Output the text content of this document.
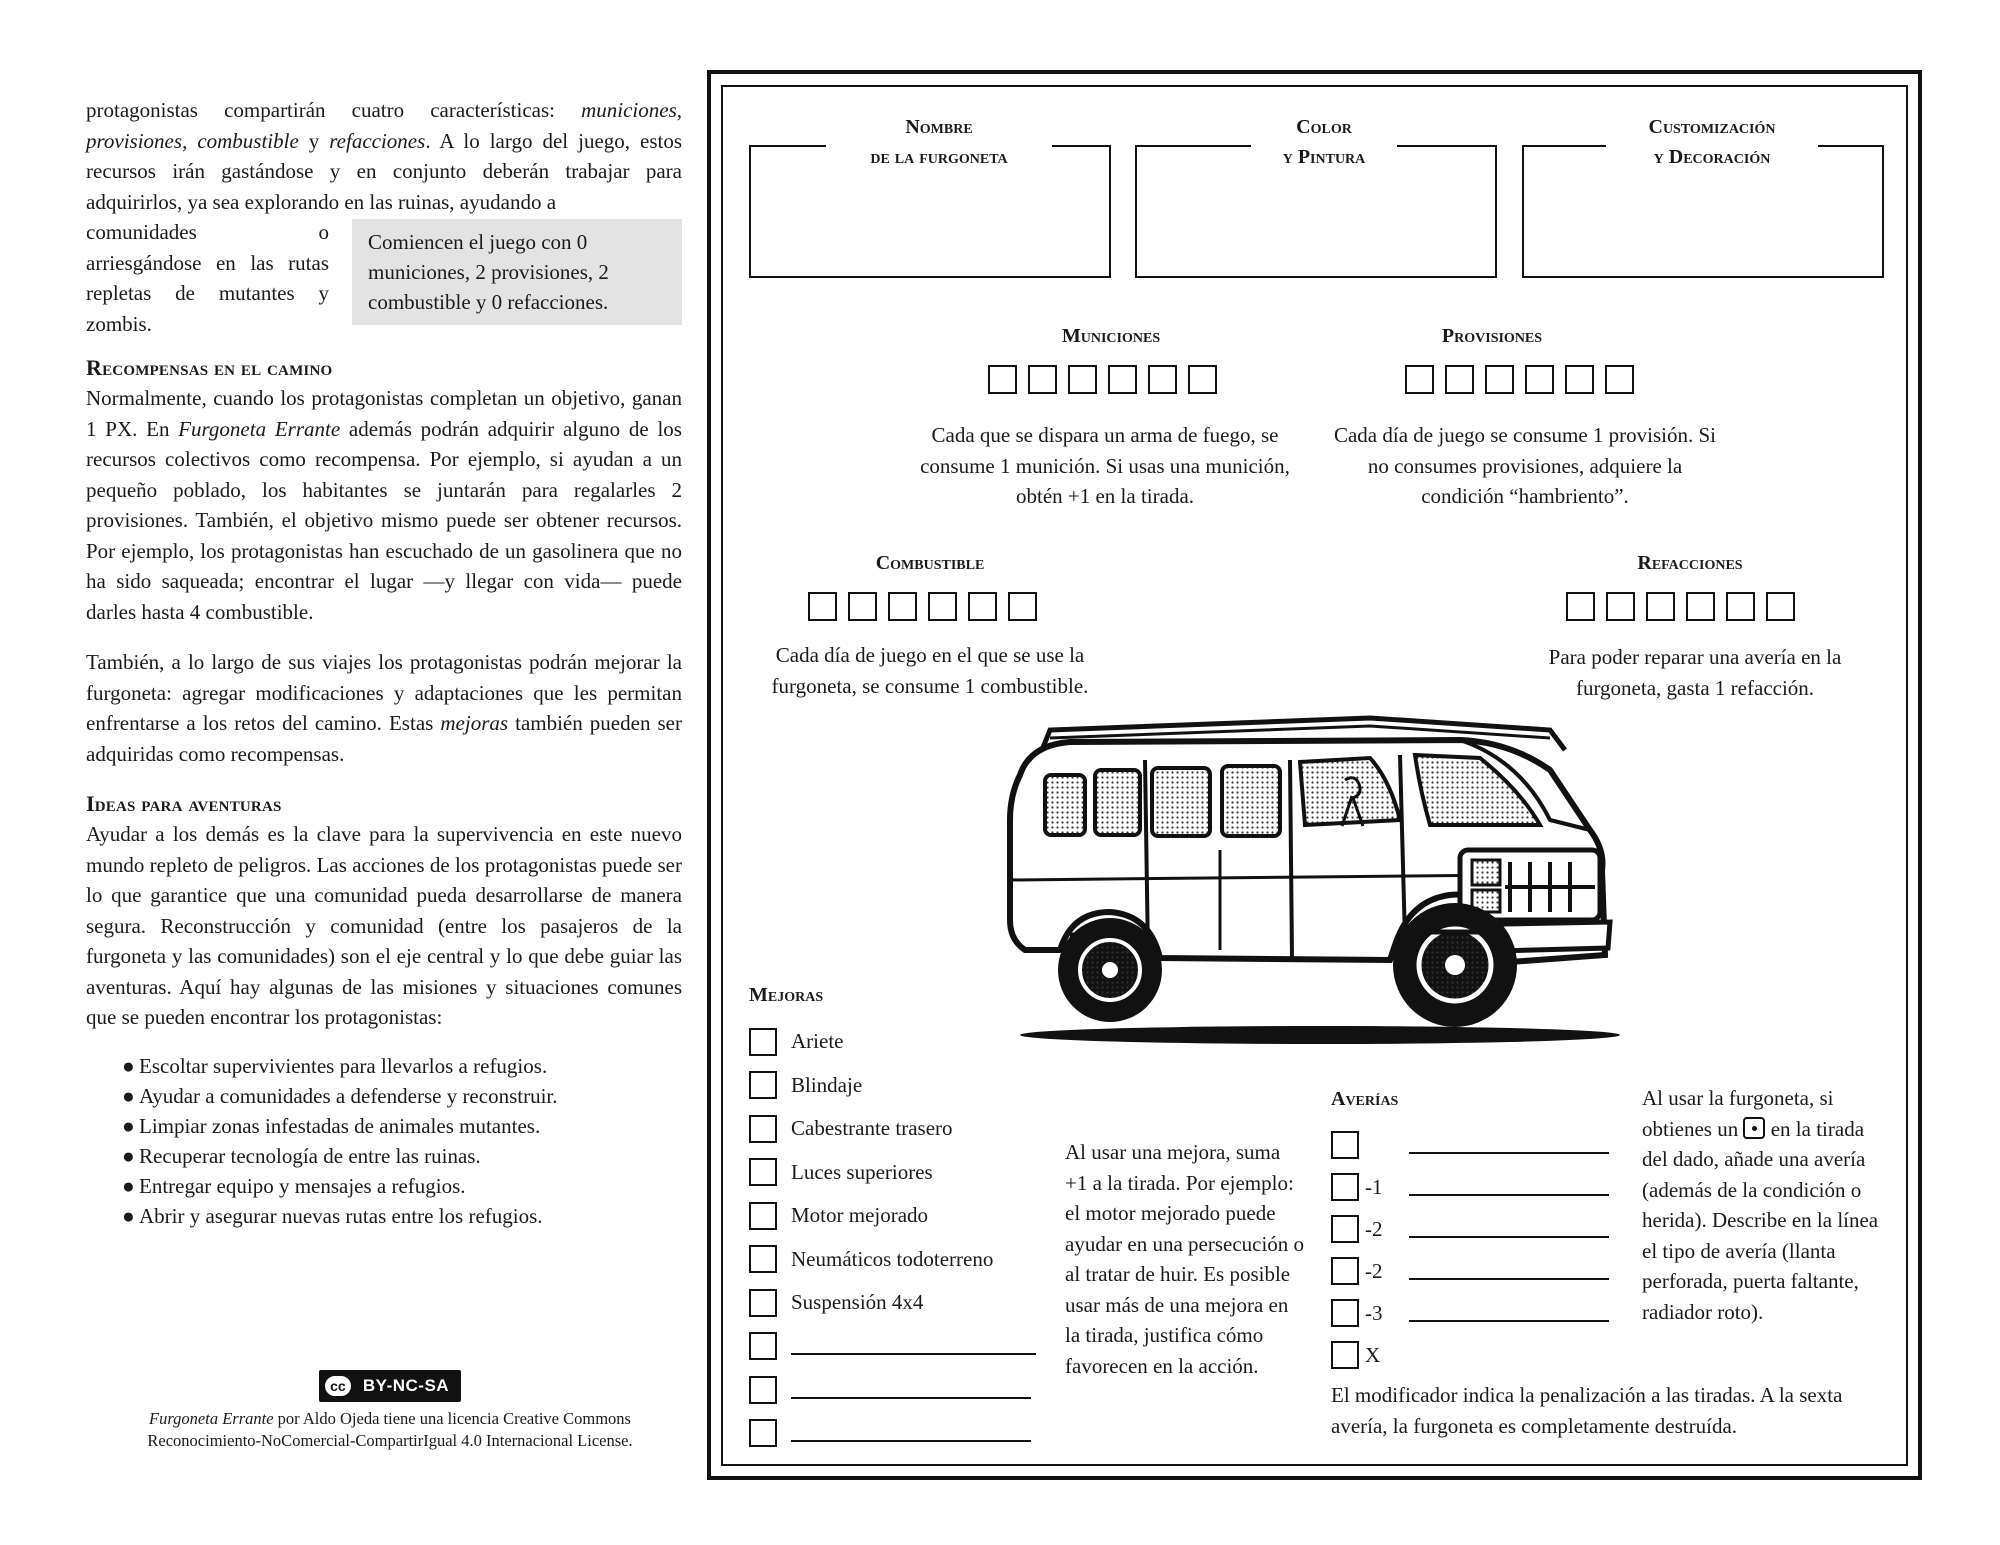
protagonistas compartirán cuatro características: municiones, provisiones, combustible y refacciones. A lo largo del juego, estos recursos irán gastándose y en conjunto deberán trabajar para adquirirlos, ya sea explorando en las ruinas, ayudando a

comunidades o arriesgándose en las rutas repletas de mutantes y zombis.

Comiencen el juego con 0 municiones, 2 provisiones, 2 combustible y 0 refacciones.
Recompensas en el camino

Normalmente, cuando los protagonistas completan un objetivo, ganan 1 PX. En Furgoneta Errante además podrán adquirir alguno de los recursos colectivos como recompensa. Por ejemplo, si ayudan a un pequeño poblado, los habitantes se juntarán para regalarles 2 provisiones. También, el objetivo mismo puede ser obtener recursos. Por ejemplo, los protagonistas han escuchado de un gasolinera que no ha sido saqueada; encontrar el lugar —y llegar con vida— puede darles hasta 4 combustible.

También, a lo largo de sus viajes los protagonistas podrán mejorar la furgoneta: agregar modificaciones y adaptaciones que les permitan enfrentarse a los retos del camino. Estas mejoras también pueden ser adquiridas como recompensas.

Ideas para aventuras

Ayudar a los demás es la clave para la supervivencia en este nuevo mundo repleto de peligros. Las acciones de los protagonistas puede ser lo que garantice que una comunidad pueda desarrollarse de manera segura. Reconstrucción y comunidad (entre los pasajeros de la furgoneta y las comunidades) son el eje central y lo que debe guiar las aventuras. Aquí hay algunas de las misiones y situaciones comunes que se pueden encontrar los protagonistas:

● Escoltar supervivientes para llevarlos a refugios.
● Ayudar a comunidades a defenderse y reconstruir.
● Limpiar zonas infestadas de animales mutantes.
● Recuperar tecnología de entre las ruinas.
● Entregar equipo y mensajes a refugios.
● Abrir y asegurar nuevas rutas entre los refugios.
cc	BY-NC-SA
Furgoneta Errante por Aldo Ojeda tiene una licencia Creative Commons Reconocimiento-NoComercial-CompartirIgual 4.0 Internacional License.
Nombre
de la furgoneta
Color
y Pintura
Customización
y Decoración
Municiones
Cada que se dispara un arma de fuego, se consume 1 munición. Si usas una munición, obtén +1 en la tirada.
Provisiones
Cada día de juego se consume 1 provisión. Si no consumes provisiones, adquiere la condición “hambriento”.
Combustible
Cada día de juego en el que se use la furgoneta, se consume 1 combustible.
Refacciones
Para poder reparar una avería en la furgoneta, gasta 1 refacción.
Mejoras
Ariete
Blindaje
Cabestrante trasero
Luces superiores
Motor mejorado
Neumáticos todoterreno
Suspensión 4x4
Al usar una mejora, suma +1 a la tirada. Por ejemplo: el motor mejorado puede ayudar en una persecución o al tratar de huir. Es posible usar más de una mejora en la tirada, justifica cómo favorecen en la acción.
Averías
-1
-2
-2
-3
X
Al usar la furgoneta, si obtienes un  en la tirada del dado, añade una avería (además de la condición o herida). Describe en la línea el tipo de avería (llanta perforada, puerta faltante, radiador roto).
El modificador indica la penalización a las tiradas. A la sexta avería, la furgoneta es completamente destruída.
